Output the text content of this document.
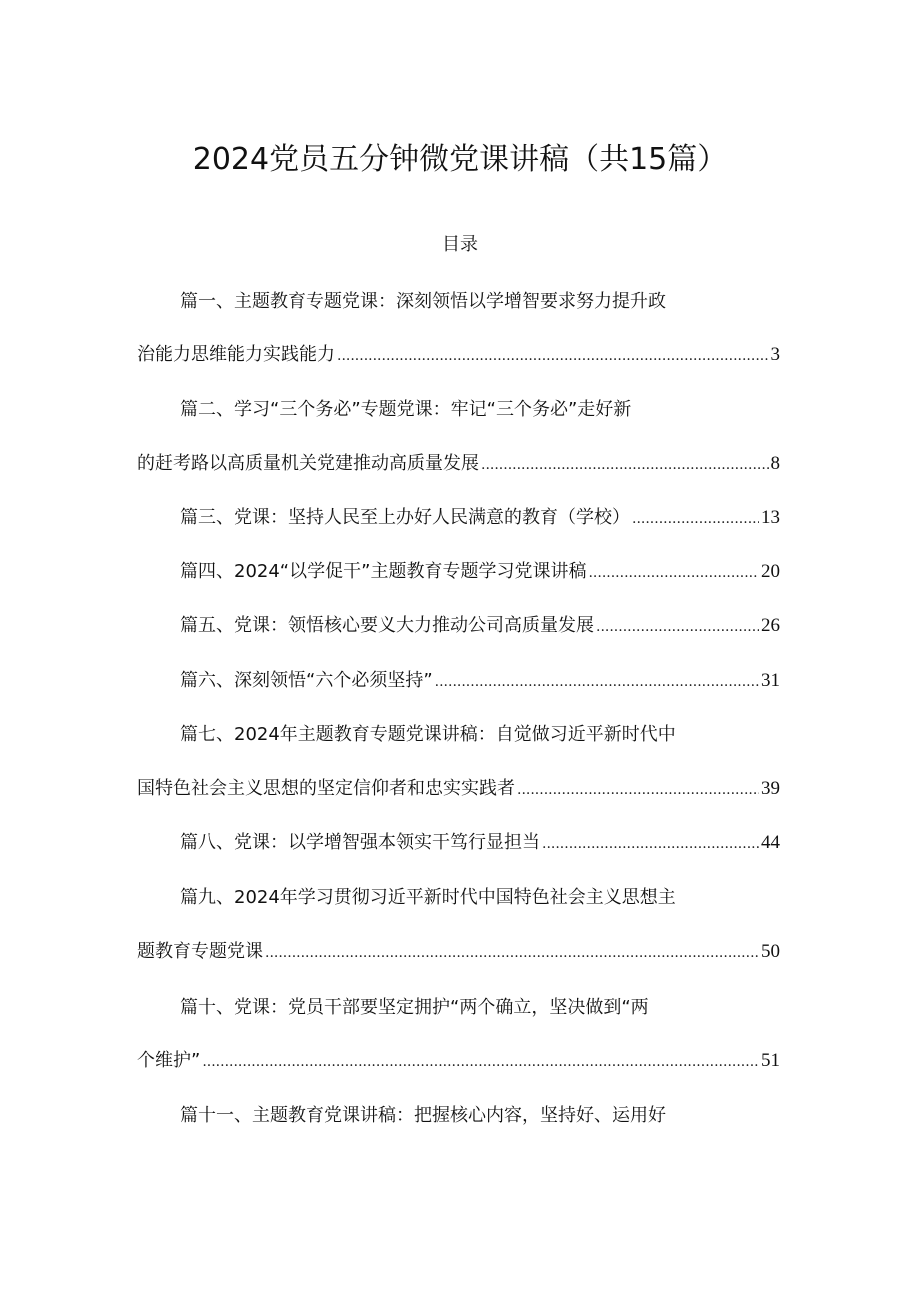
2024党员五分钟微党课讲稿（共15篇）
目录
篇一、主题教育专题党课：深刻领悟以学增智要求努力提升政
治能力思维能力实践能力 .....	3
篇二、学习“三个务必”专题党课：牢记“三个务必”走好新
的赶考路以高质量机关党建推动高质量发展 .....	8
篇三、党课：坚持人民至上办好人民满意的教育（学校） .....	13
篇四、2024“以学促干”主题教育专题学习党课讲稿 .....	20
篇五、党课：领悟核心要义大力推动公司高质量发展 .....	26
篇六、深刻领悟“六个必须坚持” .....	31
篇七、2024年主题教育专题党课讲稿：自觉做习近平新时代中
国特色社会主义思想的坚定信仰者和忠实实践者 .....	39
篇八、党课：以学增智强本领实干笃行显担当 .....	44
篇九、2024年学习贯彻习近平新时代中国特色社会主义思想主
题教育专题党课 .....	50
篇十、党课：党员干部要坚定拥护“两个确立，坚决做到“两
个维护” .....	51
篇十一、主题教育党课讲稿：把握核心内容，坚持好、运用好
